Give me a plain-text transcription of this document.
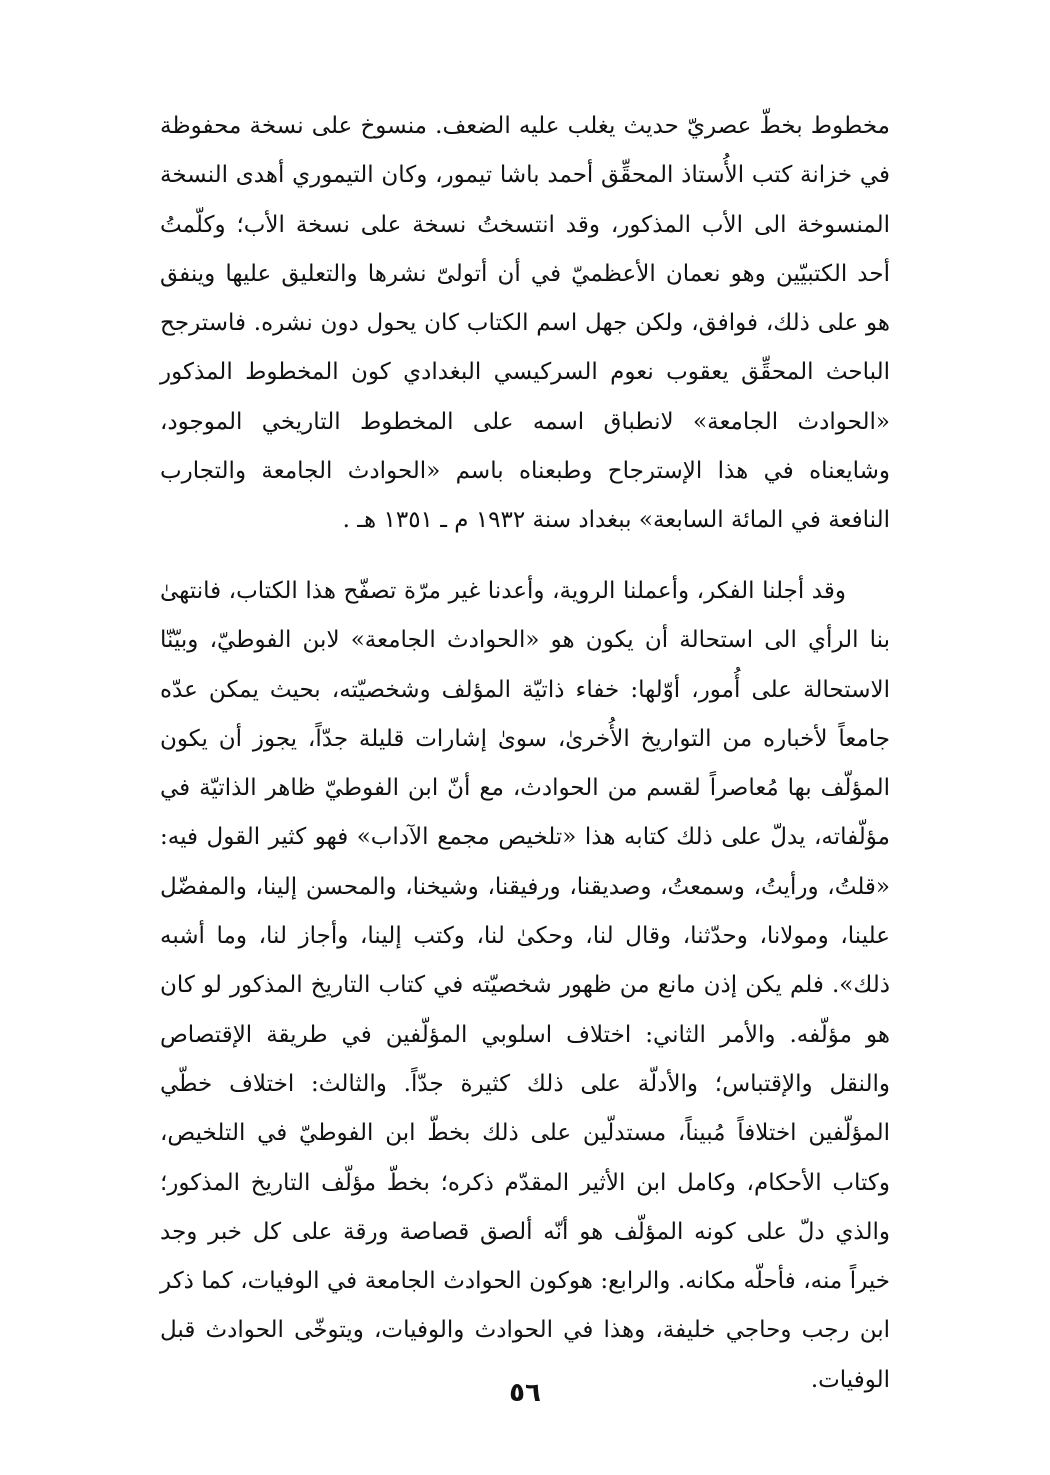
مخطوط بخطّ عصريّ حديث يغلب عليه الضعف. منسوخ على نسخة محفوظة في خزانة كتب الأُستاذ المحقِّق أحمد باشا تيمور، وكان التيموري أهدى النسخة المنسوخة الى الأب المذكور، وقد انتسختُ نسخة على نسخة الأب؛ وكلّمتُ أحد الكتبيّين وهو نعمان الأعظميّ في أن أتولىّ نشرها والتعليق عليها وينفق هو على ذلك، فوافق، ولكن جهل اسم الكتاب كان يحول دون نشره. فاسترجح الباحث المحقِّق يعقوب نعوم السركيسي البغدادي كون المخطوط المذكور «الحوادث الجامعة» لانطباق اسمه على المخطوط التاريخي الموجود، وشايعناه في هذا الإسترجاح وطبعناه باسم «الحوادث الجامعة والتجارب النافعة في المائة السابعة» ببغداد سنة ١٩٣٢ م ـ ١٣٥١ هـ .

وقد أجلنا الفكر، وأعملنا الروية، وأعدنا غير مرّة تصفّح هذا الكتاب، فانتهىٰ بنا الرأي الى استحالة أن يكون هو «الحوادث الجامعة» لابن الفوطيّ، وبيّنّا الاستحالة على أُمور، أوّلها: خفاء ذاتيّة المؤلف وشخصيّته، بحيث يمكن عدّه جامعاً لأخباره من التواريخ الأُخرىٰ، سوىٰ إشارات قليلة جدّاً، يجوز أن يكون المؤلّف بها مُعاصراً لقسم من الحوادث، مع أنّ ابن الفوطيّ ظاهر الذاتيّة في مؤلّفاته، يدلّ على ذلك كتابه هذا «تلخيص مجمع الآداب» فهو كثير القول فيه: «قلتُ، ورأيتُ، وسمعتُ، وصديقنا، ورفيقنا، وشيخنا، والمحسن إلينا، والمفضّل علينا، ومولانا، وحدّثنا، وقال لنا، وحكىٰ لنا، وكتب إلينا، وأجاز لنا، وما أشبه ذلك». فلم يكن إذن مانع من ظهور شخصيّته في كتاب التاريخ المذكور لو كان هو مؤلّفه. والأمر الثاني: اختلاف اسلوبي المؤلّفين في طريقة الإقتصاص والنقل والإقتباس؛ والأدلّة على ذلك كثيرة جدّاً. والثالث: اختلاف خطّي المؤلّفين اختلافاً مُبيناً، مستدلّين على ذلك بخطّ ابن الفوطيّ في التلخيص، وكتاب الأحكام، وكامل ابن الأثير المقدّم ذكره؛ بخطّ مؤلّف التاريخ المذكور؛ والذي دلّ على كونه المؤلّف هو أنّه ألصق قصاصة ورقة على كل خبر وجد خيراً منه، فأحلّه مكانه. والرابع: هوكون الحوادث الجامعة في الوفيات، كما ذكر ابن رجب وحاجي خليفة، وهذا في الحوادث والوفيات، ويتوخّى الحوادث قبل الوفيات.

٥٦
